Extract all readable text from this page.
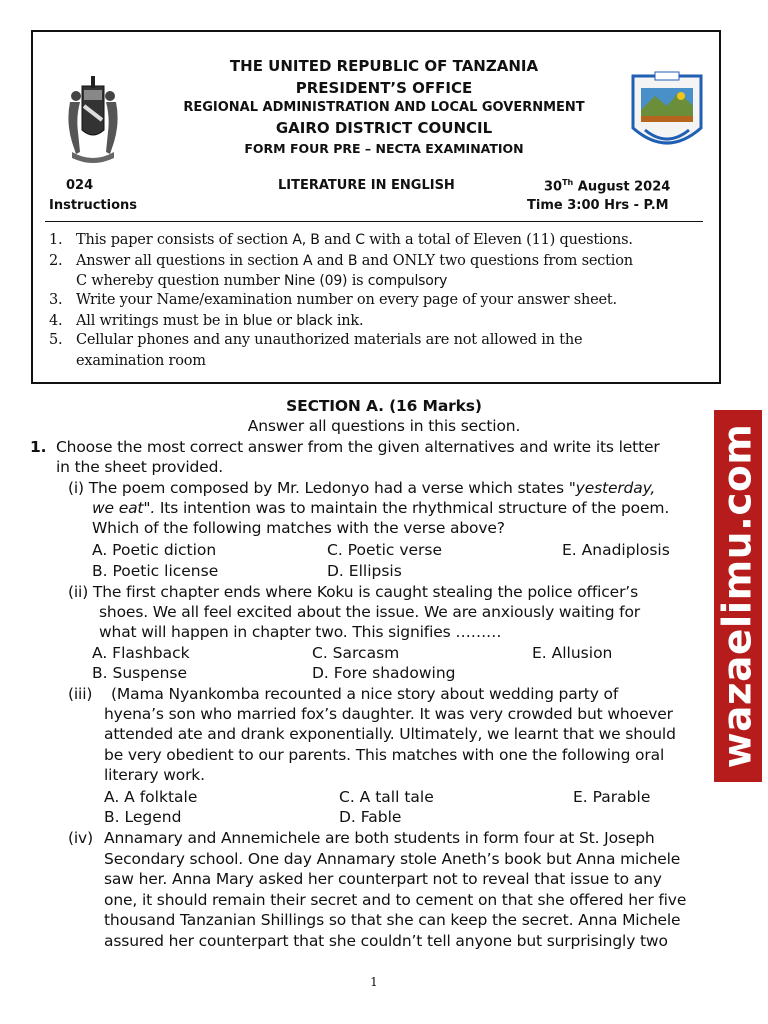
THE UNITED REPUBLIC OF TANZANIA
PRESIDENT’S OFFICE
REGIONAL ADMINISTRATION AND LOCAL GOVERNMENT
GAIRO DISTRICT COUNCIL
FORM FOUR PRE – NECTA EXAMINATION
024	LITERATURE IN ENGLISH	30Th August 2024
Instructions	Time 3:00 Hrs - P.M
1. This paper consists of section A, B and C with a total of Eleven (11) questions.
2. Answer all questions in section A and B and ONLY two questions from section
C whereby question number Nine (09) is compulsory
3. Write your Name/examination number on every page of your answer sheet.
4. All writings must be in blue or black ink.
5. Cellular phones and any unauthorized materials are not allowed in the
examination room
SECTION A. (16 Marks)
Answer all questions in this section.
1. Choose the most correct answer from the given alternatives and write its letter
in the sheet provided.
(i) The poem composed by Mr. Ledonyo had a verse which states "yesterday,
we eat". Its intention was to maintain the rhythmical structure of the poem.
Which of the following matches with the verse above?
A. Poetic diction	C. Poetic verse	E. Anadiplosis
B. Poetic license	D. Ellipsis
(ii) The first chapter ends where Koku is caught stealing the police officer’s
shoes. We all feel excited about the issue. We are anxiously waiting for
what will happen in chapter two. This signifies ………
A. Flashback	C. Sarcasm	E. Allusion
B. Suspense	D. Fore shadowing
(iii) (Mama Nyankomba recounted a nice story about wedding party of
hyena’s son who married fox’s daughter. It was very crowded but whoever
attended ate and drank exponentially. Ultimately, we learnt that we should
be very obedient to our parents. This matches with one the following oral
literary work.
A. A folktale	C. A tall tale	E. Parable
B. Legend	D. Fable
(iv) Annamary and Annemichele are both students in form four at St. Joseph
Secondary school. One day Annamary stole Aneth’s book but Anna michele
saw her. Anna Mary asked her counterpart not to reveal that issue to any
one, it should remain their secret and to cement on that she offered her five
thousand Tanzanian Shillings so that she can keep the secret. Anna Michele
assured her counterpart that she couldn’t tell anyone but surprisingly two
wazaelimu.com
1
